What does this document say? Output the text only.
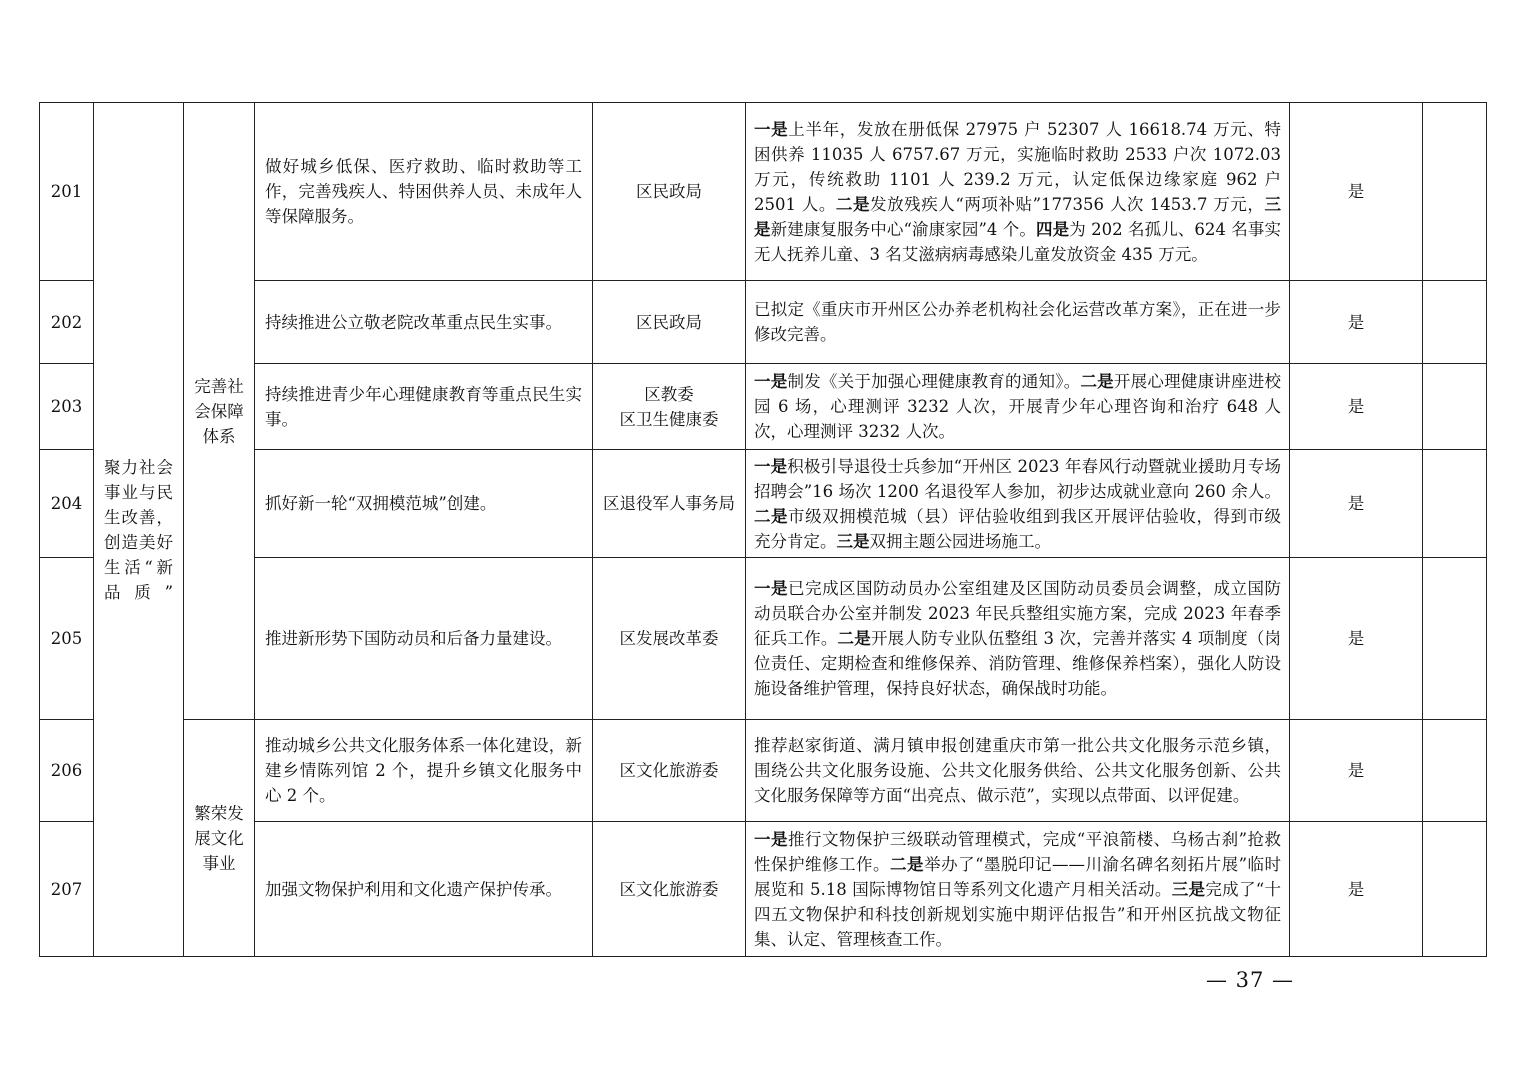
201	聚力社会事业与民生改善，创造美好生活“新品质”	完善社会保障体系	做好城乡低保、医疗救助、临时救助等工作，完善残疾人、特困供养人员、未成年人等保障服务。	区民政局	一是上半年，发放在册低保 27975 户 52307 人 16618.74 万元、特困供养 11035 人 6757.67 万元，实施临时救助 2533 户次 1072.03 万元，传统救助 1101 人 239.2 万元，认定低保边缘家庭 962 户 2501 人。二是发放残疾人“两项补贴”177356 人次 1453.7 万元，三是新建康复服务中心“渝康家园”4 个。四是为 202 名孤儿、624 名事实无人抚养儿童、3 名艾滋病病毒感染儿童发放资金 435 万元。	是	
202			持续推进公立敬老院改革重点民生实事。	区民政局	已拟定《重庆市开州区公办养老机构社会化运营改革方案》，正在进一步修改完善。	是	
203			持续推进青少年心理健康教育等重点民生实事。	区教委
区卫生健康委	一是制发《关于加强心理健康教育的通知》。二是开展心理健康讲座进校园 6 场，心理测评 3232 人次，开展青少年心理咨询和治疗 648 人次，心理测评 3232 人次。	是	
204			抓好新一轮“双拥模范城”创建。	区退役军人事务局	一是积极引导退役士兵参加“开州区 2023 年春风行动暨就业援助月专场招聘会”16 场次 1200 名退役军人参加，初步达成就业意向 260 余人。二是市级双拥模范城（县）评估验收组到我区开展评估验收，得到市级充分肯定。三是双拥主题公园进场施工。	是	
205			推进新形势下国防动员和后备力量建设。	区发展改革委	一是已完成区国防动员办公室组建及区国防动员委员会调整，成立国防动员联合办公室并制发 2023 年民兵整组实施方案，完成 2023 年春季征兵工作。二是开展人防专业队伍整组 3 次，完善并落实 4 项制度（岗位责任、定期检查和维修保养、消防管理、维修保养档案），强化人防设施设备维护管理，保持良好状态，确保战时功能。	是	
206		繁荣发展文化事业	推动城乡公共文化服务体系一体化建设，新建乡情陈列馆 2 个，提升乡镇文化服务中心 2 个。	区文化旅游委	推荐赵家街道、满月镇申报创建重庆市第一批公共文化服务示范乡镇，围绕公共文化服务设施、公共文化服务供给、公共文化服务创新、公共文化服务保障等方面“出亮点、做示范”，实现以点带面、以评促建。	是	
207			加强文物保护利用和文化遗产保护传承。	区文化旅游委	一是推行文物保护三级联动管理模式，完成“平浪箭楼、乌杨古刹”抢救性保护维修工作。二是举办了“墨脱印记——川渝名碑名刻拓片展”临时展览和 5.18 国际博物馆日等系列文化遗产月相关活动。三是完成了“十四五文物保护和科技创新规划实施中期评估报告”和开州区抗战文物征集、认定、管理核查工作。	是	
— 37 —
